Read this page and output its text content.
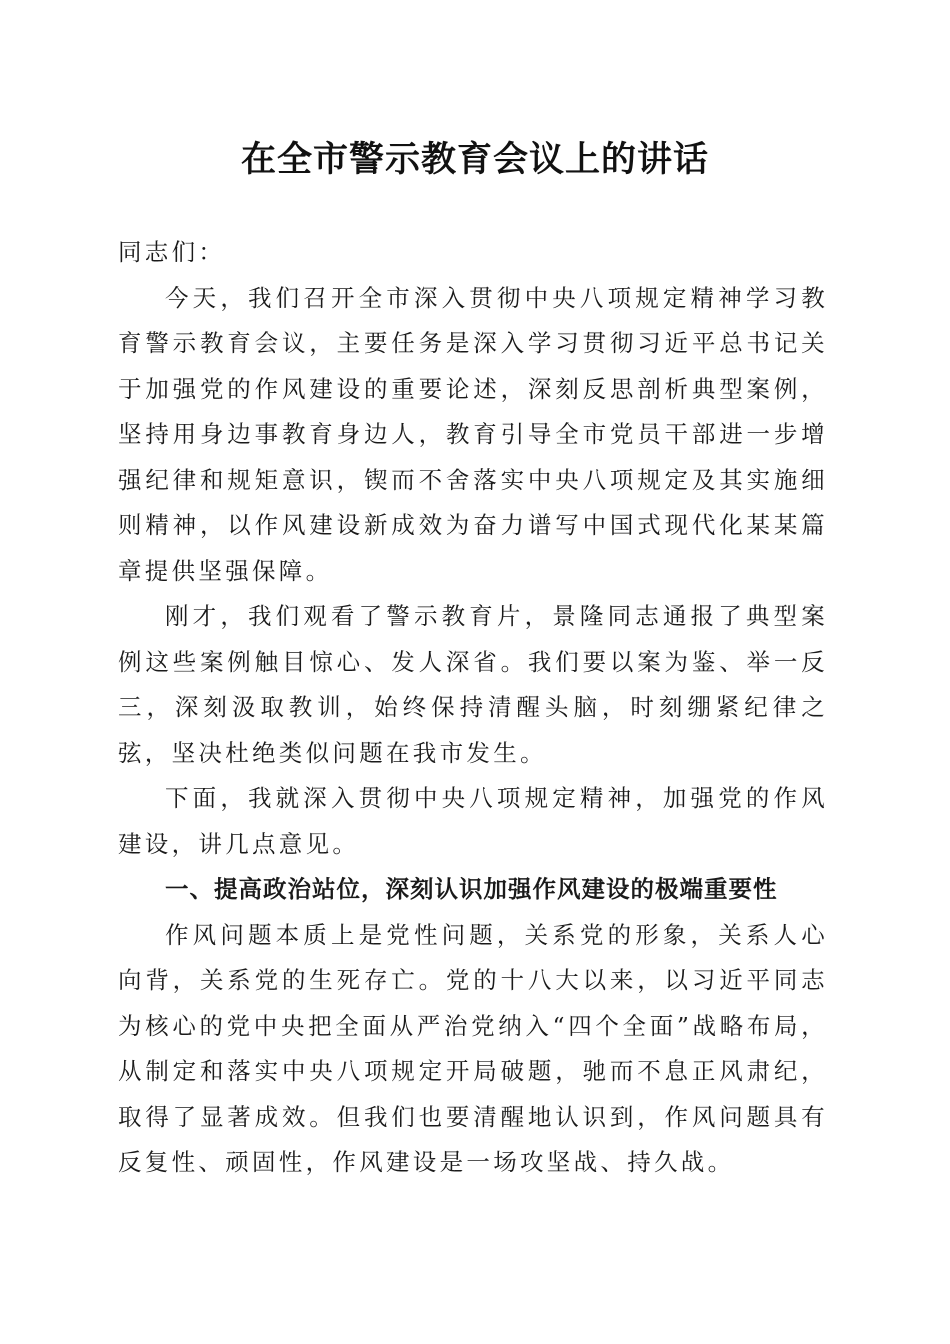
在全市警示教育会议上的讲话

同志们：

今天，我们召开全市深入贯彻中央八项规定精神学习教育警示教育会议，主要任务是深入学习贯彻习近平总书记关于加强党的作风建设的重要论述，深刻反思剖析典型案例，坚持用身边事教育身边人，教育引导全市党员干部进一步增强纪律和规矩意识，锲而不舍落实中央八项规定及其实施细则精神，以作风建设新成效为奋力谱写中国式现代化某某篇章提供坚强保障。

刚才，我们观看了警示教育片，景隆同志通报了典型案例这些案例触目惊心、发人深省。我们要以案为鉴、举一反三，深刻汲取教训，始终保持清醒头脑，时刻绷紧纪律之弦，坚决杜绝类似问题在我市发生。

下面，我就深入贯彻中央八项规定精神，加强党的作风建设，讲几点意见。

一、提高政治站位，深刻认识加强作风建设的极端重要性

作风问题本质上是党性问题，关系党的形象，关系人心向背，关系党的生死存亡。党的十八大以来，以习近平同志为核心的党中央把全面从严治党纳入“四个全面”战略布局，从制定和落实中央八项规定开局破题，驰而不息正风肃纪，取得了显著成效。但我们也要清醒地认识到，作风问题具有反复性、顽固性，作风建设是一场攻坚战、持久战。
